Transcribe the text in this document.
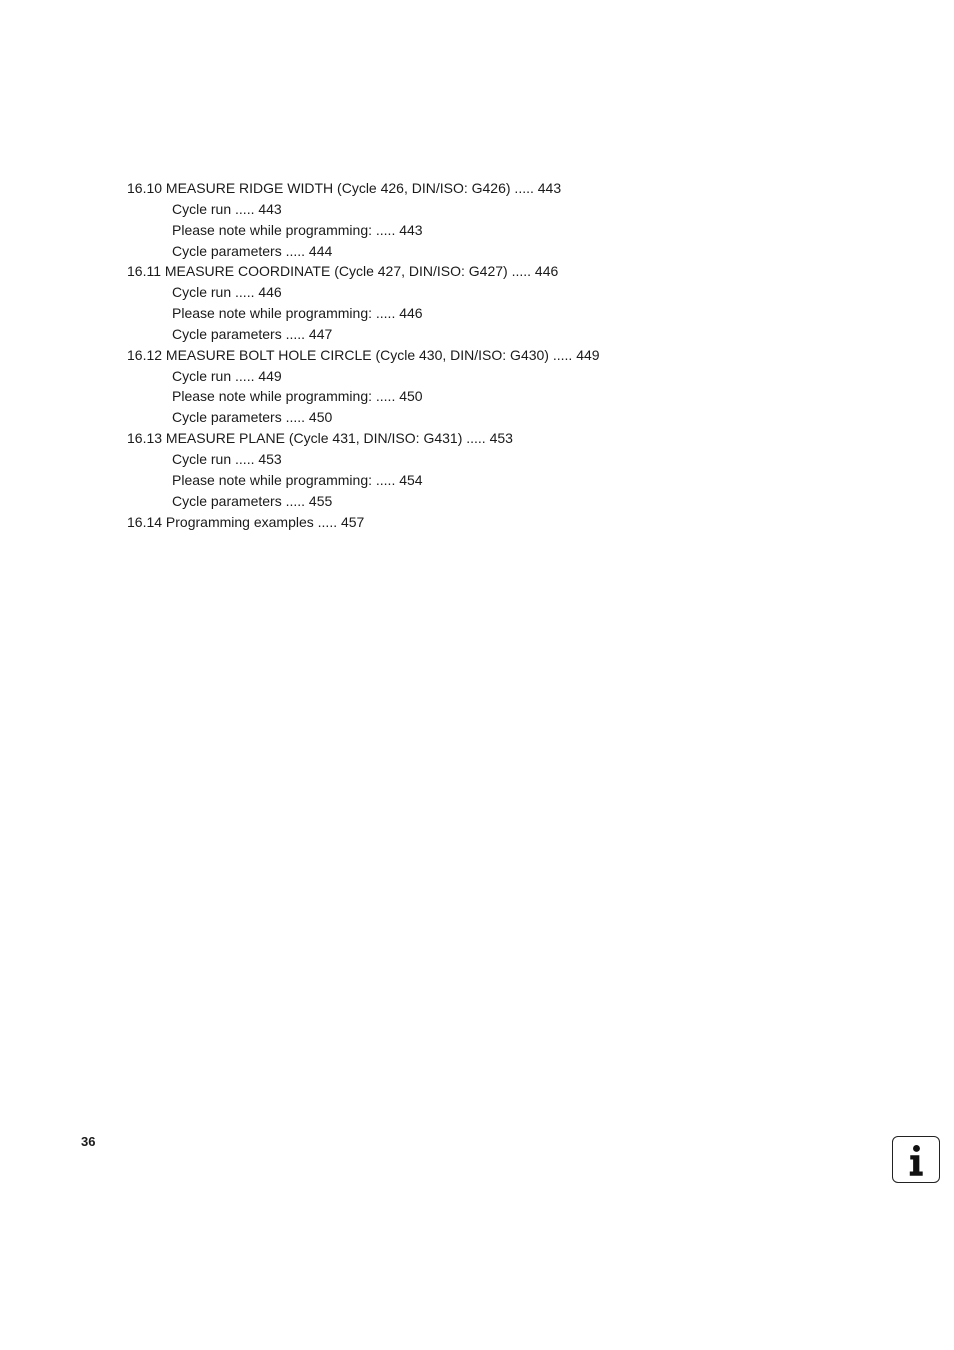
16.10 MEASURE RIDGE WIDTH (Cycle 426, DIN/ISO: G426) ..... 443
Cycle run ..... 443
Please note while programming: ..... 443
Cycle parameters ..... 444
16.11 MEASURE COORDINATE (Cycle 427, DIN/ISO: G427) ..... 446
Cycle run ..... 446
Please note while programming: ..... 446
Cycle parameters ..... 447
16.12 MEASURE BOLT HOLE CIRCLE (Cycle 430, DIN/ISO: G430) ..... 449
Cycle run ..... 449
Please note while programming: ..... 450
Cycle parameters ..... 450
16.13 MEASURE PLANE (Cycle 431, DIN/ISO: G431) ..... 453
Cycle run ..... 453
Please note while programming: ..... 454
Cycle parameters ..... 455
16.14 Programming examples ..... 457
36
